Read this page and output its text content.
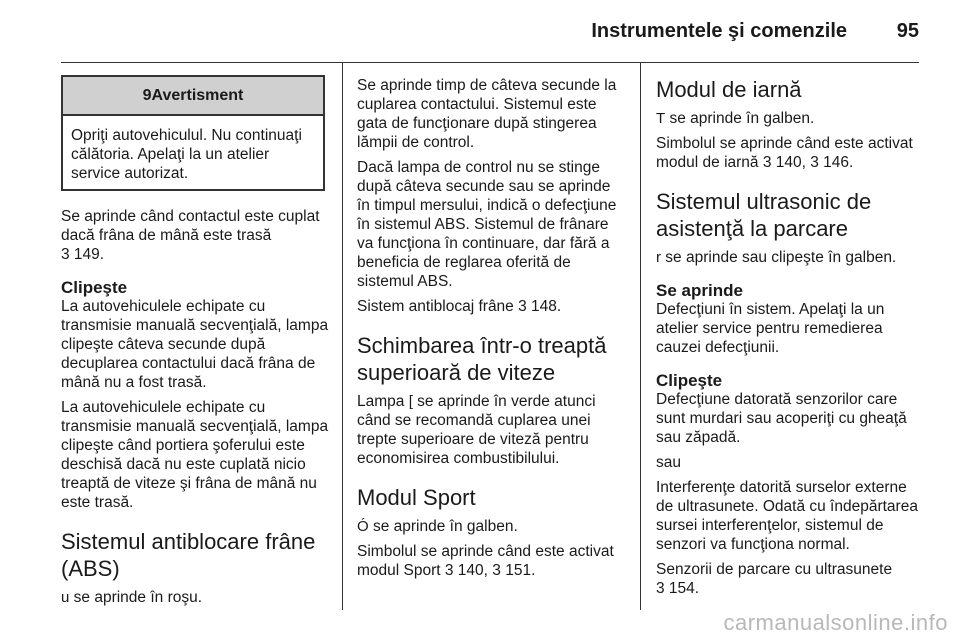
Instrumentele şi comenzile 95
9Avertisment
Opriţi autovehiculul. Nu continuaţi călătoria. Apelaţi la un atelier service autorizat.

Se aprinde când contactul este cuplat dacă frâna de mână este trasă
3 149.

Clipeşte

La autovehiculele echipate cu transmisie manuală secvenţială, lampa clipeşte câteva secunde după decuplarea contactului dacă frâna de mână nu a fost trasă.

La autovehiculele echipate cu transmisie manuală secvenţială, lampa clipeşte când portiera şoferului este deschisă dacă nu este cuplată nicio treaptă de viteze şi frâna de mână nu este trasă.

Sistemul antiblocare frâne (ABS)

u se aprinde în roşu.

Se aprinde timp de câteva secunde la cuplarea contactului. Sistemul este gata de funcţionare după stingerea lămpii de control.

Dacă lampa de control nu se stinge după câteva secunde sau se aprinde în timpul mersului, indică o defecţiune în sistemul ABS. Sistemul de frânare va funcţiona în continuare, dar fără a beneficia de reglarea oferită de sistemul ABS.

Sistem antiblocaj frâne 3 148.

Schimbarea într-o treaptă superioară de viteze

Lampa [ se aprinde în verde atunci când se recomandă cuplarea unei trepte superioare de viteză pentru economisirea combustibilului.

Modul Sport

Ó se aprinde în galben.

Simbolul se aprinde când este activat modul Sport 3 140, 3 151.

Modul de iarnă

T se aprinde în galben.

Simbolul se aprinde când este activat modul de iarnă 3 140, 3 146.

Sistemul ultrasonic de asistenţă la parcare

r se aprinde sau clipeşte în galben.

Se aprinde

Defecţiuni în sistem. Apelaţi la un atelier service pentru remedierea cauzei defecţiunii.

Clipeşte

Defecţiune datorată senzorilor care sunt murdari sau acoperiţi cu gheaţă sau zăpadă.

sau

Interferenţe datorită surselor externe de ultrasunete. Odată cu îndepărtarea sursei interferenţelor, sistemul de senzori va funcţiona normal.

Senzorii de parcare cu ultrasunete
3 154.

carmanualsonline.info
